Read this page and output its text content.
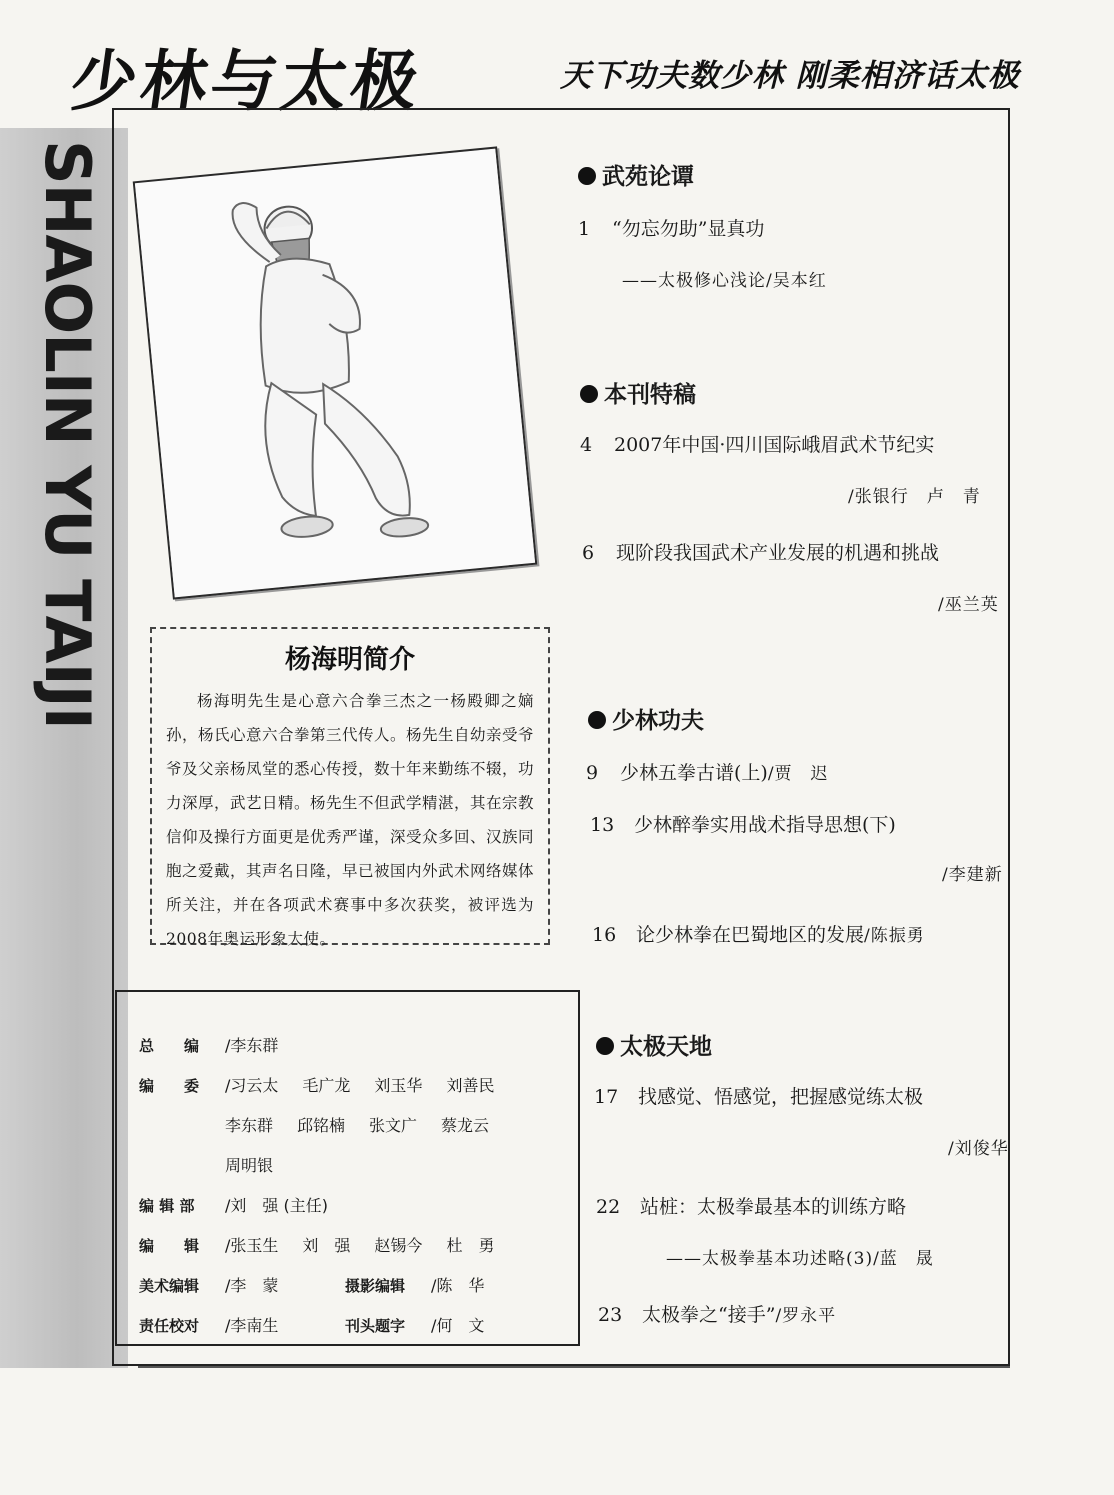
少林与太极	天下功夫数少林 刚柔相济话太极
SHAOLIN YU TAIJI	杨海明简介
杨海明先生是心意六合拳三杰之一杨殿卿之嫡孙，杨氏心意六合拳第三代传人。杨先生自幼亲受爷爷及父亲杨凤堂的悉心传授，数十年来勤练不辍，功力深厚，武艺日精。杨先生不但武学精湛，其在宗教信仰及操行方面更是优秀严谨，深受众多回、汉族同胞之爱戴，其声名日隆，早已被国内外武术网络媒体所关注，并在各项武术赛事中多次获奖，被评选为2008年奥运形象大使。
总　　编 /李东群
编　　委 /习云太 毛广龙 刘玉华 刘善民
李东群 邱铭楠 张文广 蔡龙云
周明银
编 辑 部 /刘　强 (主任)
编　　辑 /张玉生 刘　强 赵锡今 杜　勇
美术编辑 /李　蒙	摄影编辑 /陈　华
责任校对 /李南生	刊头题字 /何　文
武苑论谭
1 “勿忘勿助”显真功
——太极修心浅论/吴本红
本刊特稿
4 2007年中国·四川国际峨眉武术节纪实
/张银行　卢　青
6 现阶段我国武术产业发展的机遇和挑战
/巫兰英
少林功夫
9 少林五拳古谱(上)/贾　迟
13 少林醉拳实用战术指导思想(下)
/李建新
16 论少林拳在巴蜀地区的发展/陈振勇
太极天地
17 找感觉、悟感觉，把握感觉练太极
/刘俊华
22 站桩：太极拳最基本的训练方略
——太极拳基本功述略(3)/蓝　晟
23 太极拳之“接手”/罗永平
